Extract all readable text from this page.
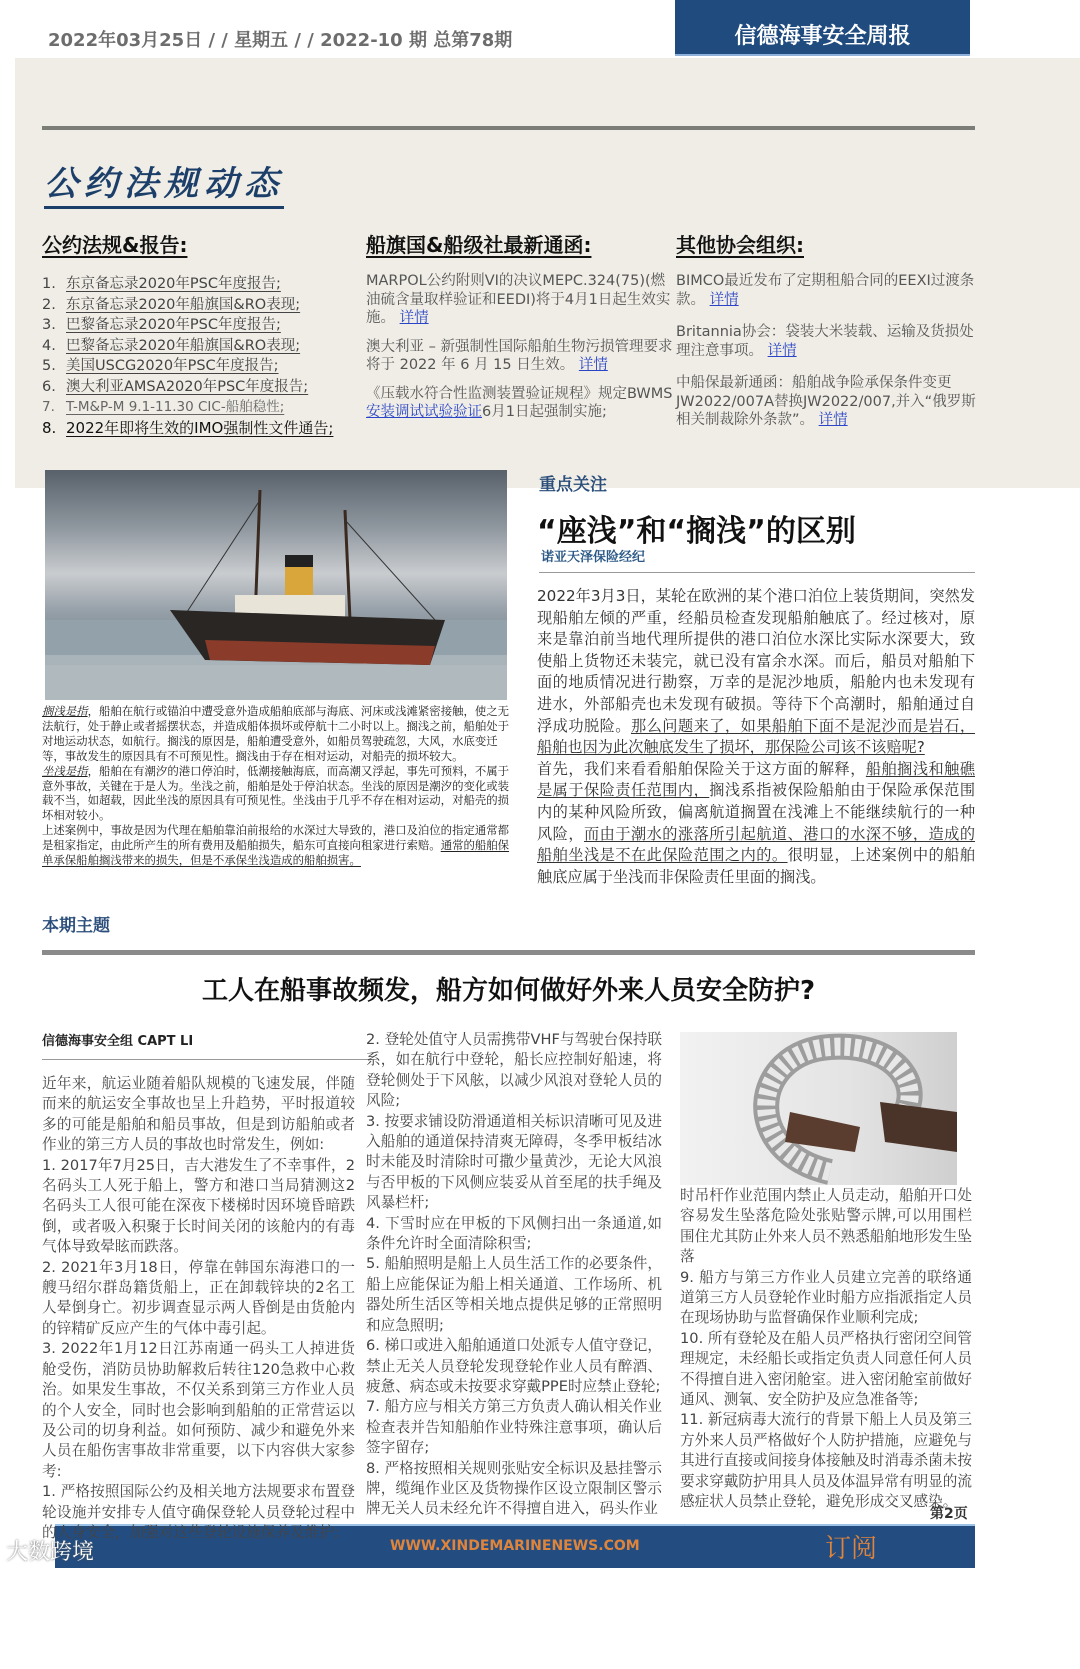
2022年03月25日 / / 星期五 / / 2022-10 期 总第78期	信德海事安全周报
公约法规动态
公约法规&报告:
1. 东京备忘录2020年PSC年度报告;
2. 东京备忘录2020年船旗国&RO表现;
3. 巴黎备忘录2020年PSC年度报告;
4. 巴黎备忘录2020年船旗国&RO表现;
5. 美国USCG2020年PSC年度报告;
6. 澳大利亚AMSA2020年PSC年度报告;
7. T-M&P-M 9.1-11.30 CIC-船舶稳性;
8. 2022年即将生效的IMO强制性文件通告;
船旗国&船级社最新通函:

MARPOL公约附则VI的决议MEPC.324(75)(燃油硫含量取样验证和EEDI)将于4月1日起生效实施。 详情

澳大利亚 – 新强制性国际船舶生物污损管理要求将于 2022 年 6 月 15 日生效。 详情

《压载水符合性监测装置验证规程》规定BWMS安装调试试验验证6月1日起强制实施;

其他协会组织:

BIMCO最近发布了定期租船合同的EEXI过渡条款。 详情

Britannia协会：袋装大米装载、运输及货损处理注意事项。 详情

中船保最新通函：船舶战争险承保条件变更JW2022/007A替换JW2022/007,并入“俄罗斯相关制裁除外条款”。 详情

搁浅是指，船舶在航行或锚泊中遭受意外造成船舶底部与海底、河床或浅滩紧密接触，使之无法航行，处于静止或者摇摆状态，并造成船体损坏或停航十二小时以上。搁浅之前，船舶处于对地运动状态，如航行。搁浅的原因是，船舶遭受意外，如船员驾驶疏忽，大风，水底变迁等，事故发生的原因具有不可预见性。搁浅由于存在相对运动，对船壳的损坏较大。
坐浅是指，船舶在有潮汐的港口停泊时，低潮接触海底，而高潮又浮起，事先可预料，不属于意外事故，关键在于是人为。坐浅之前，船舶是处于停泊状态。坐浅的原因是潮汐的变化或装载不当，如超载，因此坐浅的原因具有可预见性。坐浅由于几乎不存在相对运动，对船壳的损坏相对较小。
上述案例中，事故是因为代理在船舶靠泊前报给的水深过大导致的，港口及泊位的指定通常都是租家指定，由此所产生的所有费用及船舶损失，船东可直接向租家进行索赔。通常的船舶保单承保船舶搁浅带来的损失，但是不承保坐浅造成的船舶损害。
重点关注
“座浅”和“搁浅”的区别
诺亚天泽保险经纪
2022年3月3日，某轮在欧洲的某个港口泊位上装货期间，突然发现船舶左倾的严重，经船员检查发现船舶触底了。经过核对，原来是靠泊前当地代理所提供的港口泊位水深比实际水深要大，致使船上货物还未装完，就已没有富余水深。而后，船员对船舶下面的地质情况进行勘察，万幸的是泥沙地质，船舱内也未发现有进水，外部船壳也未发现有破损。等待下个高潮时，船舶通过自浮成功脱险。那么问题来了，如果船舶下面不是泥沙而是岩石，船舶也因为此次触底发生了损坏，那保险公司该不该赔呢?
首先，我们来看看船舶保险关于这方面的解释，船舶搁浅和触礁是属于保险责任范围内，搁浅系指被保险船舶由于保险承保范围内的某种风险所致，偏离航道搁置在浅滩上不能继续航行的一种风险，而由于潮水的涨落所引起航道、港口的水深不够，造成的船舶坐浅是不在此保险范围之内的。很明显，上述案例中的船舶触底应属于坐浅而非保险责任里面的搁浅。
本期主题
工人在船事故频发，船方如何做好外来人员安全防护?
信德海事安全组 CAPT LI
近年来，航运业随着船队规模的飞速发展，伴随而来的航运安全事故也呈上升趋势，平时报道较多的可能是船舶和船员事故，但是到访船舶或者作业的第三方人员的事故也时常发生，例如:
1. 2017年7月25日，吉大港发生了不幸事件，2名码头工人死于船上，警方和港口当局猜测这2名码头工人很可能在深夜下楼梯时因环境昏暗跌倒，或者吸入积聚于长时间关闭的该舱内的有毒气体导致晕眩而跌落。
2. 2021年3月18日，停靠在韩国东海港口的一艘马绍尔群岛籍货船上，正在卸载锌块的2名工人晕倒身亡。初步调查显示两人昏倒是由货舱内的锌精矿反应产生的气体中毒引起。
3. 2022年1月12日江苏南通一码头工人掉进货舱受伤，消防员协助解救后转往120急救中心救治。如果发生事故，不仅关系到第三方作业人员的个人安全，同时也会影响到船舶的正常营运以及公司的切身利益。如何预防、减少和避免外来人员在船伤害事故非常重要，以下内容供大家参考:
1. 严格按照国际公约及相关地方法规要求布置登轮设施并安排专人值守确保登轮人员登轮过程中的人身安全，加强对这些登轮设施保养及维护;
2. 登轮处值守人员需携带VHF与驾驶台保持联系，如在航行中登轮，船长应控制好船速，将登轮侧处于下风舷，以减少风浪对登轮人员的风险;
3. 按要求铺设防滑通道相关标识清晰可见及进入船舶的通道保持清爽无障碍，冬季甲板结冰时未能及时清除时可撒少量黄沙，无论大风浪与否甲板的下风侧应装妥从首至尾的扶手绳及风暴栏杆;
4. 下雪时应在甲板的下风侧扫出一条通道,如条件允许时全面清除积雪;
5. 船舶照明是船上人员生活工作的必要条件，船上应能保证为船上相关通道、工作场所、机器处所生活区等相关地点提供足够的正常照明和应急照明;
6. 梯口或进入船舶通道口处派专人值守登记，禁止无关人员登轮发现登轮作业人员有醉酒、疲惫、病态或未按要求穿戴PPE时应禁止登轮;
7. 船方应与相关方第三方负责人确认相关作业检查表并告知船舶作业特殊注意事项，确认后签字留存;
8. 严格按照相关规则张贴安全标识及悬挂警示牌，缆绳作业区及货物操作区设立限制区警示牌无关人员未经允许不得擅自进入，码头作业
时吊杆作业范围内禁止人员走动，船舶开口处容易发生坠落危险处张贴警示牌,可以用围栏围住尤其防止外来人员不熟悉船舶地形发生坠落
9. 船方与第三方作业人员建立完善的联络通道第三方人员登轮作业时船方应指派指定人员在现场协助与监督确保作业顺利完成;
10. 所有登轮及在船人员严格执行密闭空间管理规定，未经船长或指定负责人同意任何人员不得擅自进入密闭舱室。进入密闭舱室前做好通风、测氧、安全防护及应急准备等;
11. 新冠病毒大流行的背景下船上人员及第三方外来人员严格做好个人防护措施，应避免与其进行直接或间接身体接触及时消毒杀菌未按要求穿戴防护用具人员及体温异常有明显的流感症状人员禁止登轮，避免形成交叉感染。
第2页
WWW.XINDEMARINENEWS.COM	订阅
大数跨境
